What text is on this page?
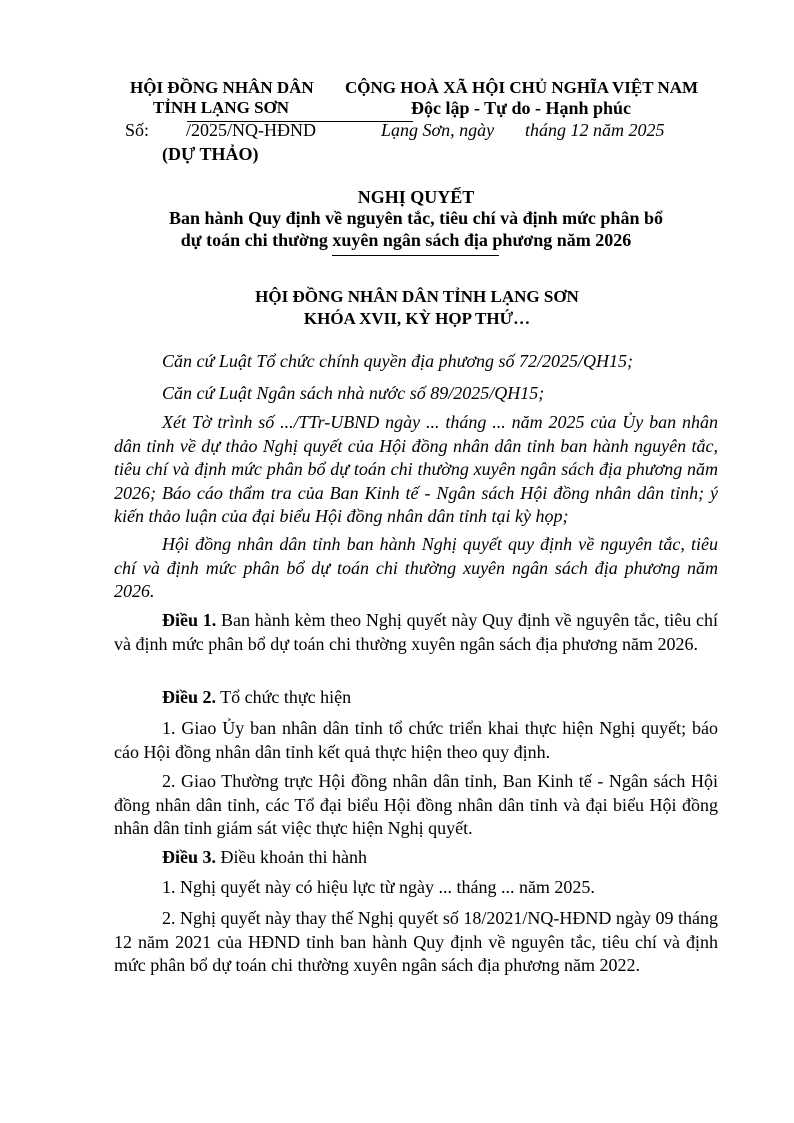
HỘI ĐỒNG NHÂN DÂN
TỈNH LẠNG SƠN
CỘNG HOÀ XÃ HỘI CHỦ NGHĨA VIỆT NAM
Độc lập - Tự do - Hạnh phúc
Số: /2025/NQ-HĐND	Lạng Sơn, ngày tháng 12 năm 2025
(DỰ THẢO)
NGHỊ QUYẾT
Ban hành Quy định về nguyên tắc, tiêu chí và định mức phân bổ
dự toán chi thường xuyên ngân sách địa phương năm 2026
HỘI ĐỒNG NHÂN DÂN TỈNH LẠNG SƠN
KHÓA XVII, KỲ HỌP THỨ…
Căn cứ Luật Tổ chức chính quyền địa phương số 72/2025/QH15;
Căn cứ Luật Ngân sách nhà nước số 89/2025/QH15;
Xét Tờ trình số .../TTr-UBND ngày ... tháng ... năm 2025 của Ủy ban nhân dân tỉnh về dự thảo Nghị quyết của Hội đồng nhân dân tỉnh ban hành nguyên tắc, tiêu chí và định mức phân bổ dự toán chi thường xuyên ngân sách địa phương năm 2026; Báo cáo thẩm tra của Ban Kinh tế - Ngân sách Hội đồng nhân dân tỉnh; ý kiến thảo luận của đại biểu Hội đồng nhân dân tỉnh tại kỳ họp;
Hội đồng nhân dân tỉnh ban hành Nghị quyết quy định về nguyên tắc, tiêu chí và định mức phân bổ dự toán chi thường xuyên ngân sách địa phương năm 2026.
Điều 1. Ban hành kèm theo Nghị quyết này Quy định về nguyên tắc, tiêu chí và định mức phân bổ dự toán chi thường xuyên ngân sách địa phương năm 2026.
Điều 2. Tổ chức thực hiện
1. Giao Ủy ban nhân dân tỉnh tổ chức triển khai thực hiện Nghị quyết; báo cáo Hội đồng nhân dân tỉnh kết quả thực hiện theo quy định.
2. Giao Thường trực Hội đồng nhân dân tỉnh, Ban Kinh tế - Ngân sách Hội đồng nhân dân tỉnh, các Tổ đại biểu Hội đồng nhân dân tỉnh và đại biểu Hội đồng nhân dân tỉnh giám sát việc thực hiện Nghị quyết.
Điều 3. Điều khoản thi hành
1. Nghị quyết này có hiệu lực từ ngày ... tháng ... năm 2025.
2. Nghị quyết này thay thế Nghị quyết số 18/2021/NQ-HĐND ngày 09 tháng 12 năm 2021 của HĐND tỉnh ban hành Quy định về nguyên tắc, tiêu chí và định mức phân bổ dự toán chi thường xuyên ngân sách địa phương năm 2022.
